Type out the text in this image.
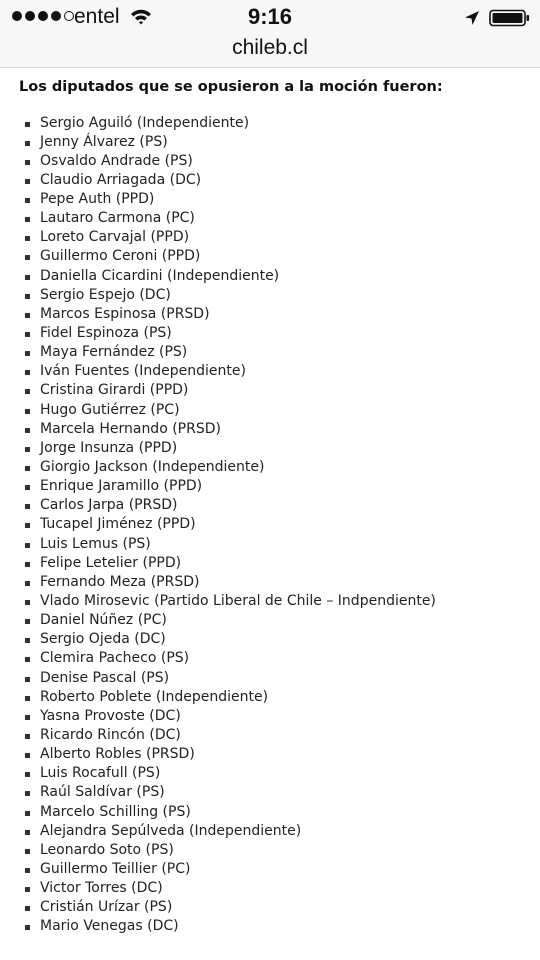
entel	9:16
chileb.cl
Los diputados que se opusieron a la moción fueron:
Sergio Aguiló (Independiente)
Jenny Álvarez (PS)
Osvaldo Andrade (PS)
Claudio Arriagada (DC)
Pepe Auth (PPD)
Lautaro Carmona (PC)
Loreto Carvajal (PPD)
Guillermo Ceroni (PPD)
Daniella Cicardini (Independiente)
Sergio Espejo (DC)
Marcos Espinosa (PRSD)
Fidel Espinoza (PS)
Maya Fernández (PS)
Iván Fuentes (Independiente)
Cristina Girardi (PPD)
Hugo Gutiérrez (PC)
Marcela Hernando (PRSD)
Jorge Insunza (PPD)
Giorgio Jackson (Independiente)
Enrique Jaramillo (PPD)
Carlos Jarpa (PRSD)
Tucapel Jiménez (PPD)
Luis Lemus (PS)
Felipe Letelier (PPD)
Fernando Meza (PRSD)
Vlado Mirosevic (Partido Liberal de Chile – Indpendiente)
Daniel Núñez (PC)
Sergio Ojeda (DC)
Clemira Pacheco (PS)
Denise Pascal (PS)
Roberto Poblete (Independiente)
Yasna Provoste (DC)
Ricardo Rincón (DC)
Alberto Robles (PRSD)
Luis Rocafull (PS)
Raúl Saldívar (PS)
Marcelo Schilling (PS)
Alejandra Sepúlveda (Independiente)
Leonardo Soto (PS)
Guillermo Teillier (PC)
Victor Torres (DC)
Cristián Urízar (PS)
Mario Venegas (DC)
